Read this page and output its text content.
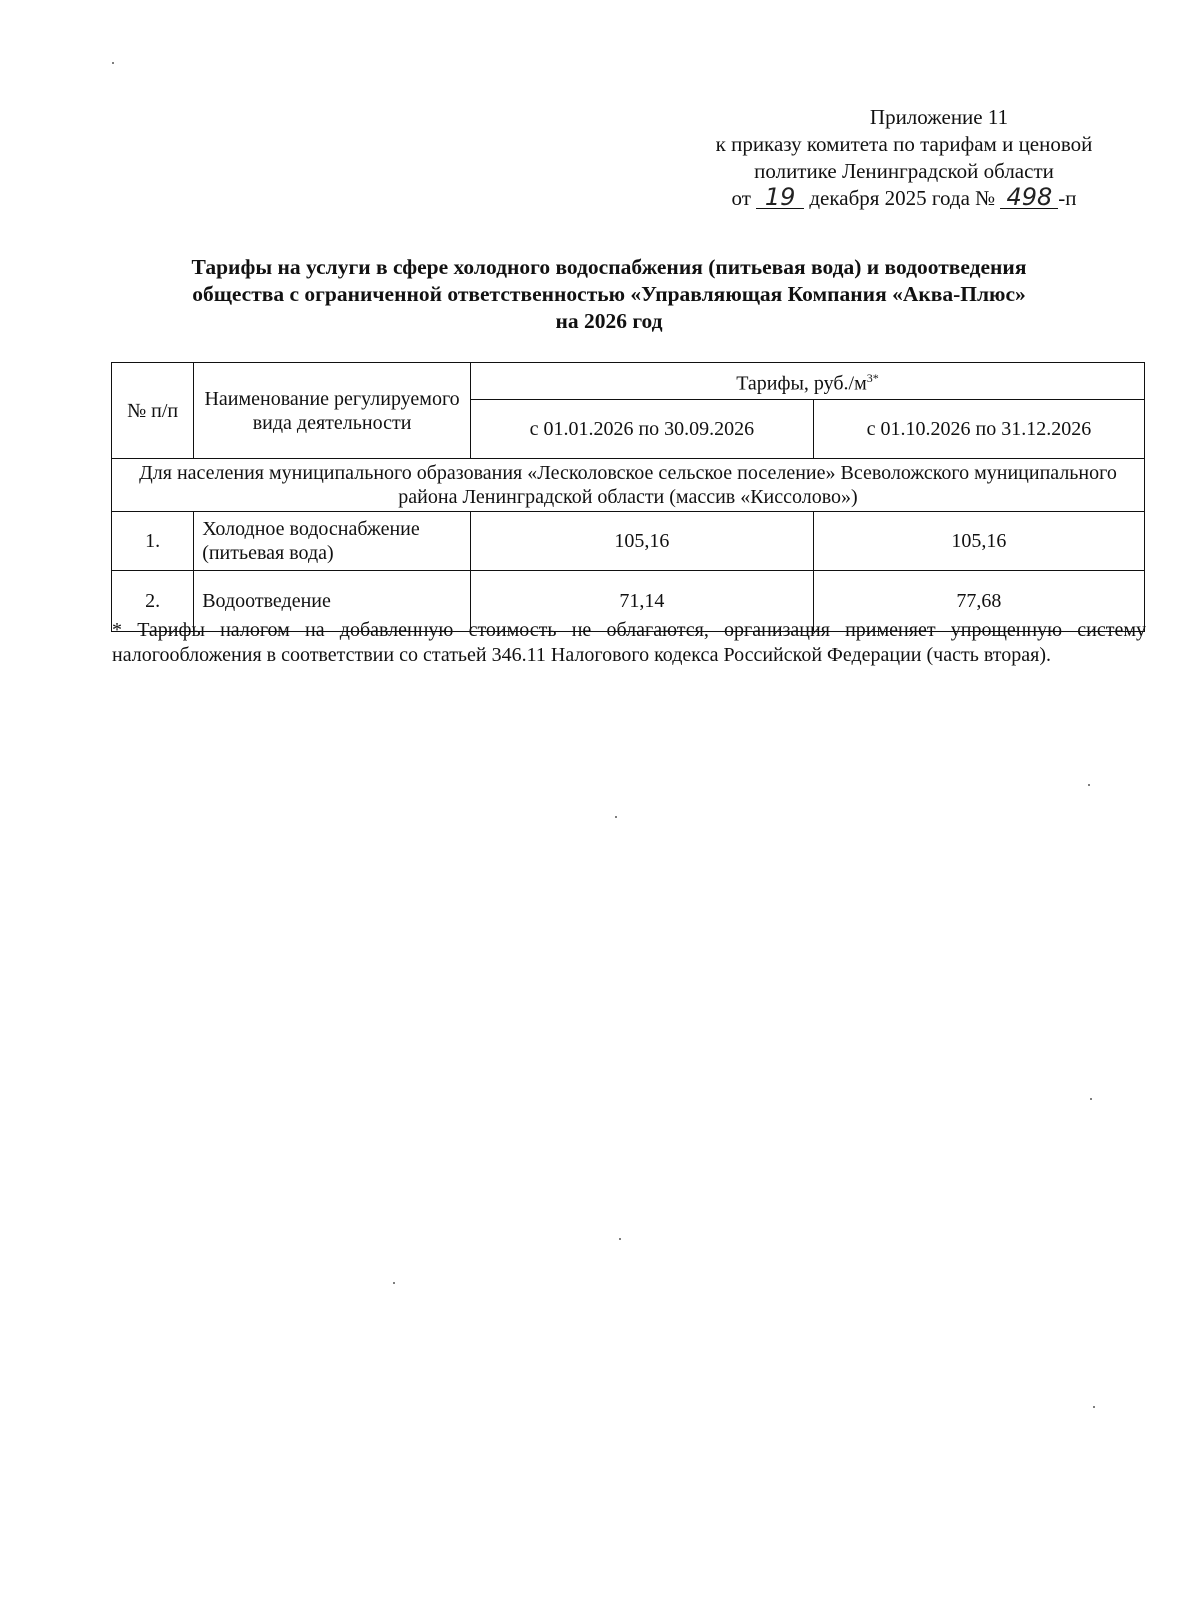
Приложение 11
к приказу комитета по тарифам и ценовой
политике Ленинградской области
от 19 декабря 2025 года № 498 -п
Тарифы на услуги в сфере холодного водоспабжения (питьевая вода) и водоотведения
общества с ограниченной ответственностью «Управляющая Компания «Аква-Плюс»
на 2026 год
№ п/п	Наименование регулируемого вида деятельности	Тарифы, $руб./м^{3*}$
		с 01.01.2026 по 30.09.2026	с 01.10.2026 по 31.12.2026
Для населения муниципального образования «Лесколовское сельское поселение» Всеволожского муниципального района Ленинградской области (массив «Киссолово»)			
1.	Холодное водоснабжение (питьевая вода)	105,16	105,16
2.	Водоотведение	71,14	77,68
* Тарифы налогом на добавленную стоимость не облагаются, организация применяет упрощенную систему налогообложения в соответствии со статьей 346.11 Налогового кодекса Российской Федерации (часть вторая).
